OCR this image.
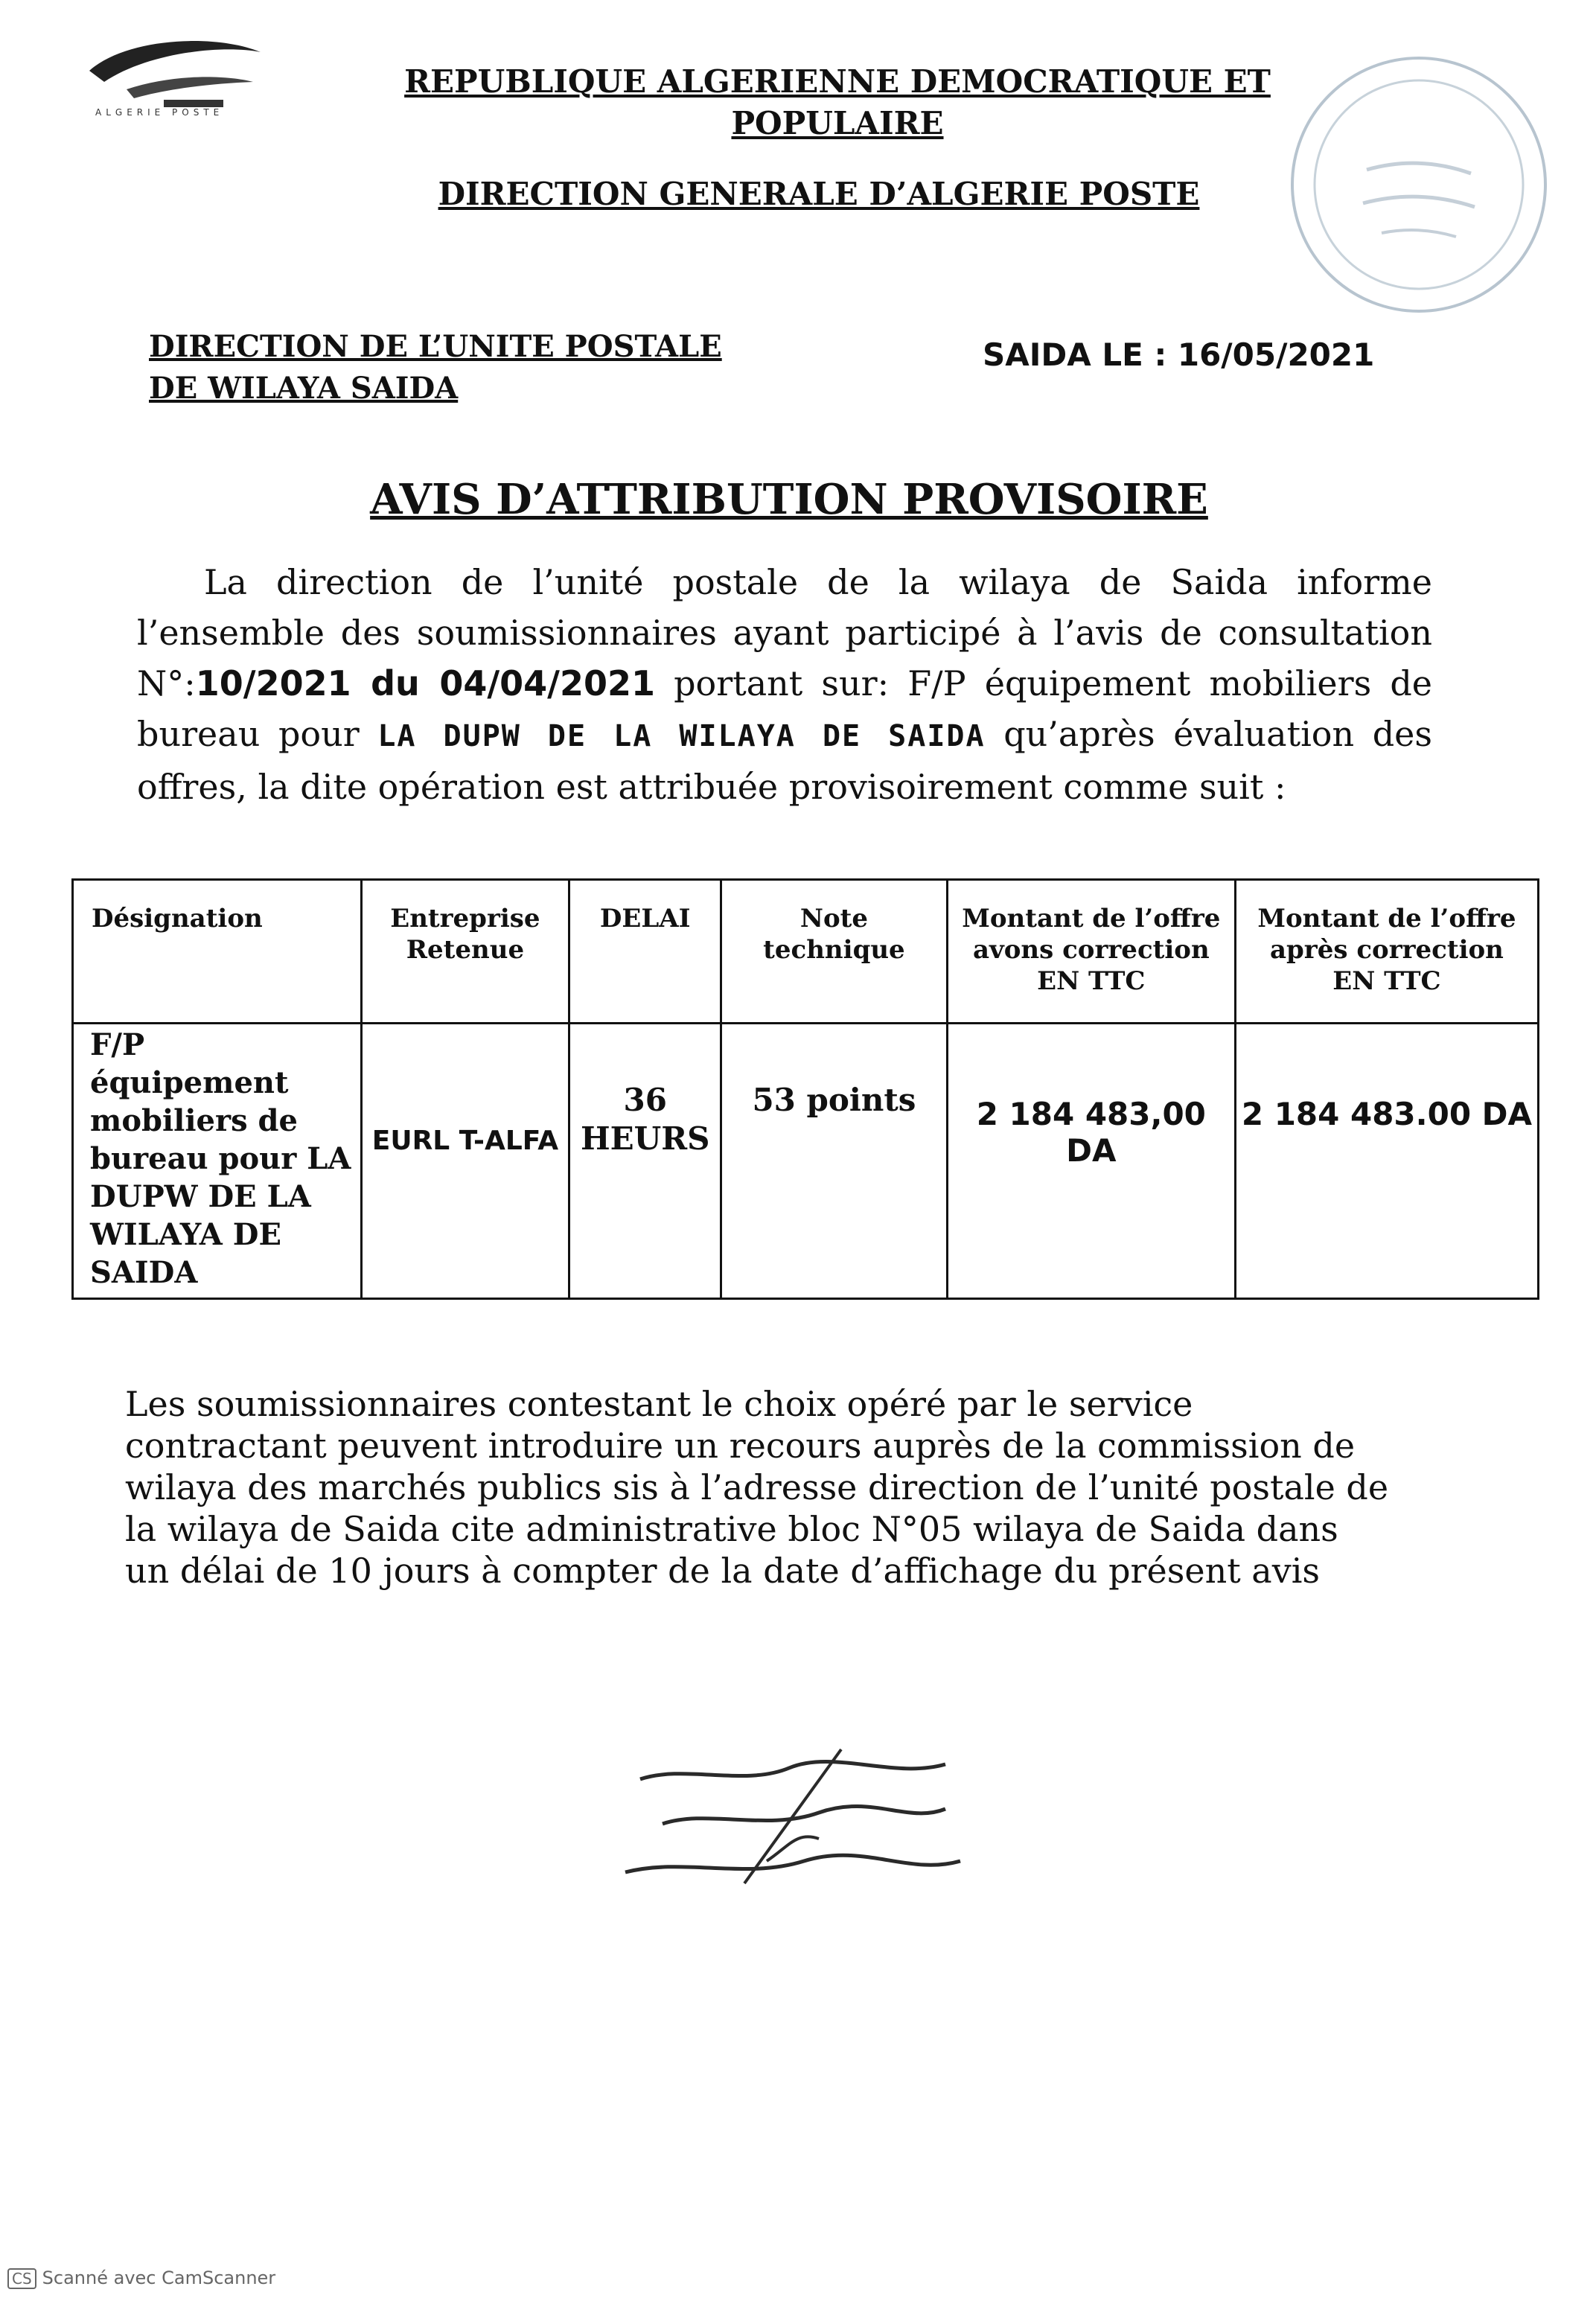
ALGERIE POSTE
REPUBLIQUE ALGERIENNE DEMOCRATIQUE ET
POPULAIRE
DIRECTION GENERALE D’ALGERIE POSTE
DIRECTION DE L’UNITE POSTALE
DE WILAYA SAIDA
SAIDA LE : 16/05/2021
AVIS D’ATTRIBUTION PROVISOIRE
La direction de l’unité postale de la wilaya de Saida informe l’ensemble des soumissionnaires ayant participé à l’avis de consultation N°:10/2021 du 04/04/2021 portant sur: F/P équipement mobiliers de bureau pour LA DUPW DE LA WILAYA DE SAIDA qu’après évaluation des offres, la dite opération est attribuée provisoirement comme suit :
Désignation	Entreprise Retenue	DELAI	Note technique	Montant de l’offre avons correction EN TTC	Montant de l’offre après correction EN TTC
F/P équipement mobiliers de bureau pour LA DUPW DE LA WILAYA DE SAIDA	EURL T-ALFA	36 HEURS	53 points	2 184 483,00 DA	2 184 483.00 DA
Les soumissionnaires contestant le choix opéré par le service contractant peuvent introduire un recours auprès de la commission de wilaya des marchés publics sis à l’adresse direction de l’unité postale de la wilaya de Saida cite administrative bloc N°05 wilaya de Saida dans un délai de 10 jours à compter de la date d’affichage du présent avis
CS Scanné avec CamScanner
